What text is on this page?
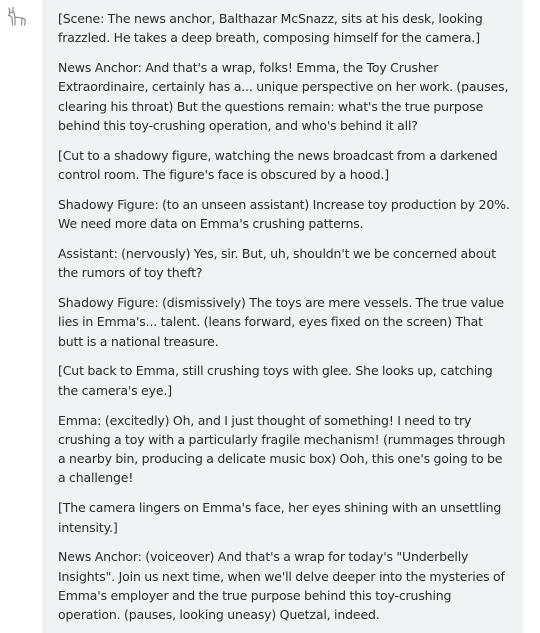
[Scene: The news anchor, Balthazar McSnazz, sits at his desk, looking frazzled. He takes a deep breath, composing himself for the camera.]

News Anchor: And that's a wrap, folks! Emma, the Toy Crusher Extraordinaire, certainly has a... unique perspective on her work. (pauses, clearing his throat) But the questions remain: what's the true purpose behind this toy-crushing operation, and who's behind it all?

[Cut to a shadowy figure, watching the news broadcast from a darkened control room. The figure's face is obscured by a hood.]

Shadowy Figure: (to an unseen assistant) Increase toy production by 20%. We need more data on Emma's crushing patterns.

Assistant: (nervously) Yes, sir. But, uh, shouldn't we be concerned about the rumors of toy theft?

Shadowy Figure: (dismissively) The toys are mere vessels. The true value lies in Emma's... talent. (leans forward, eyes fixed on the screen) That butt is a national treasure.

[Cut back to Emma, still crushing toys with glee. She looks up, catching the camera's eye.]

Emma: (excitedly) Oh, and I just thought of something! I need to try crushing a toy with a particularly fragile mechanism! (rummages through a nearby bin, producing a delicate music box) Ooh, this one's going to be a challenge!

[The camera lingers on Emma's face, her eyes shining with an unsettling intensity.]

News Anchor: (voiceover) And that's a wrap for today's "Underbelly Insights". Join us next time, when we'll delve deeper into the mysteries of Emma's employer and the true purpose behind this toy-crushing operation. (pauses, looking uneasy) Quetzal, indeed.
